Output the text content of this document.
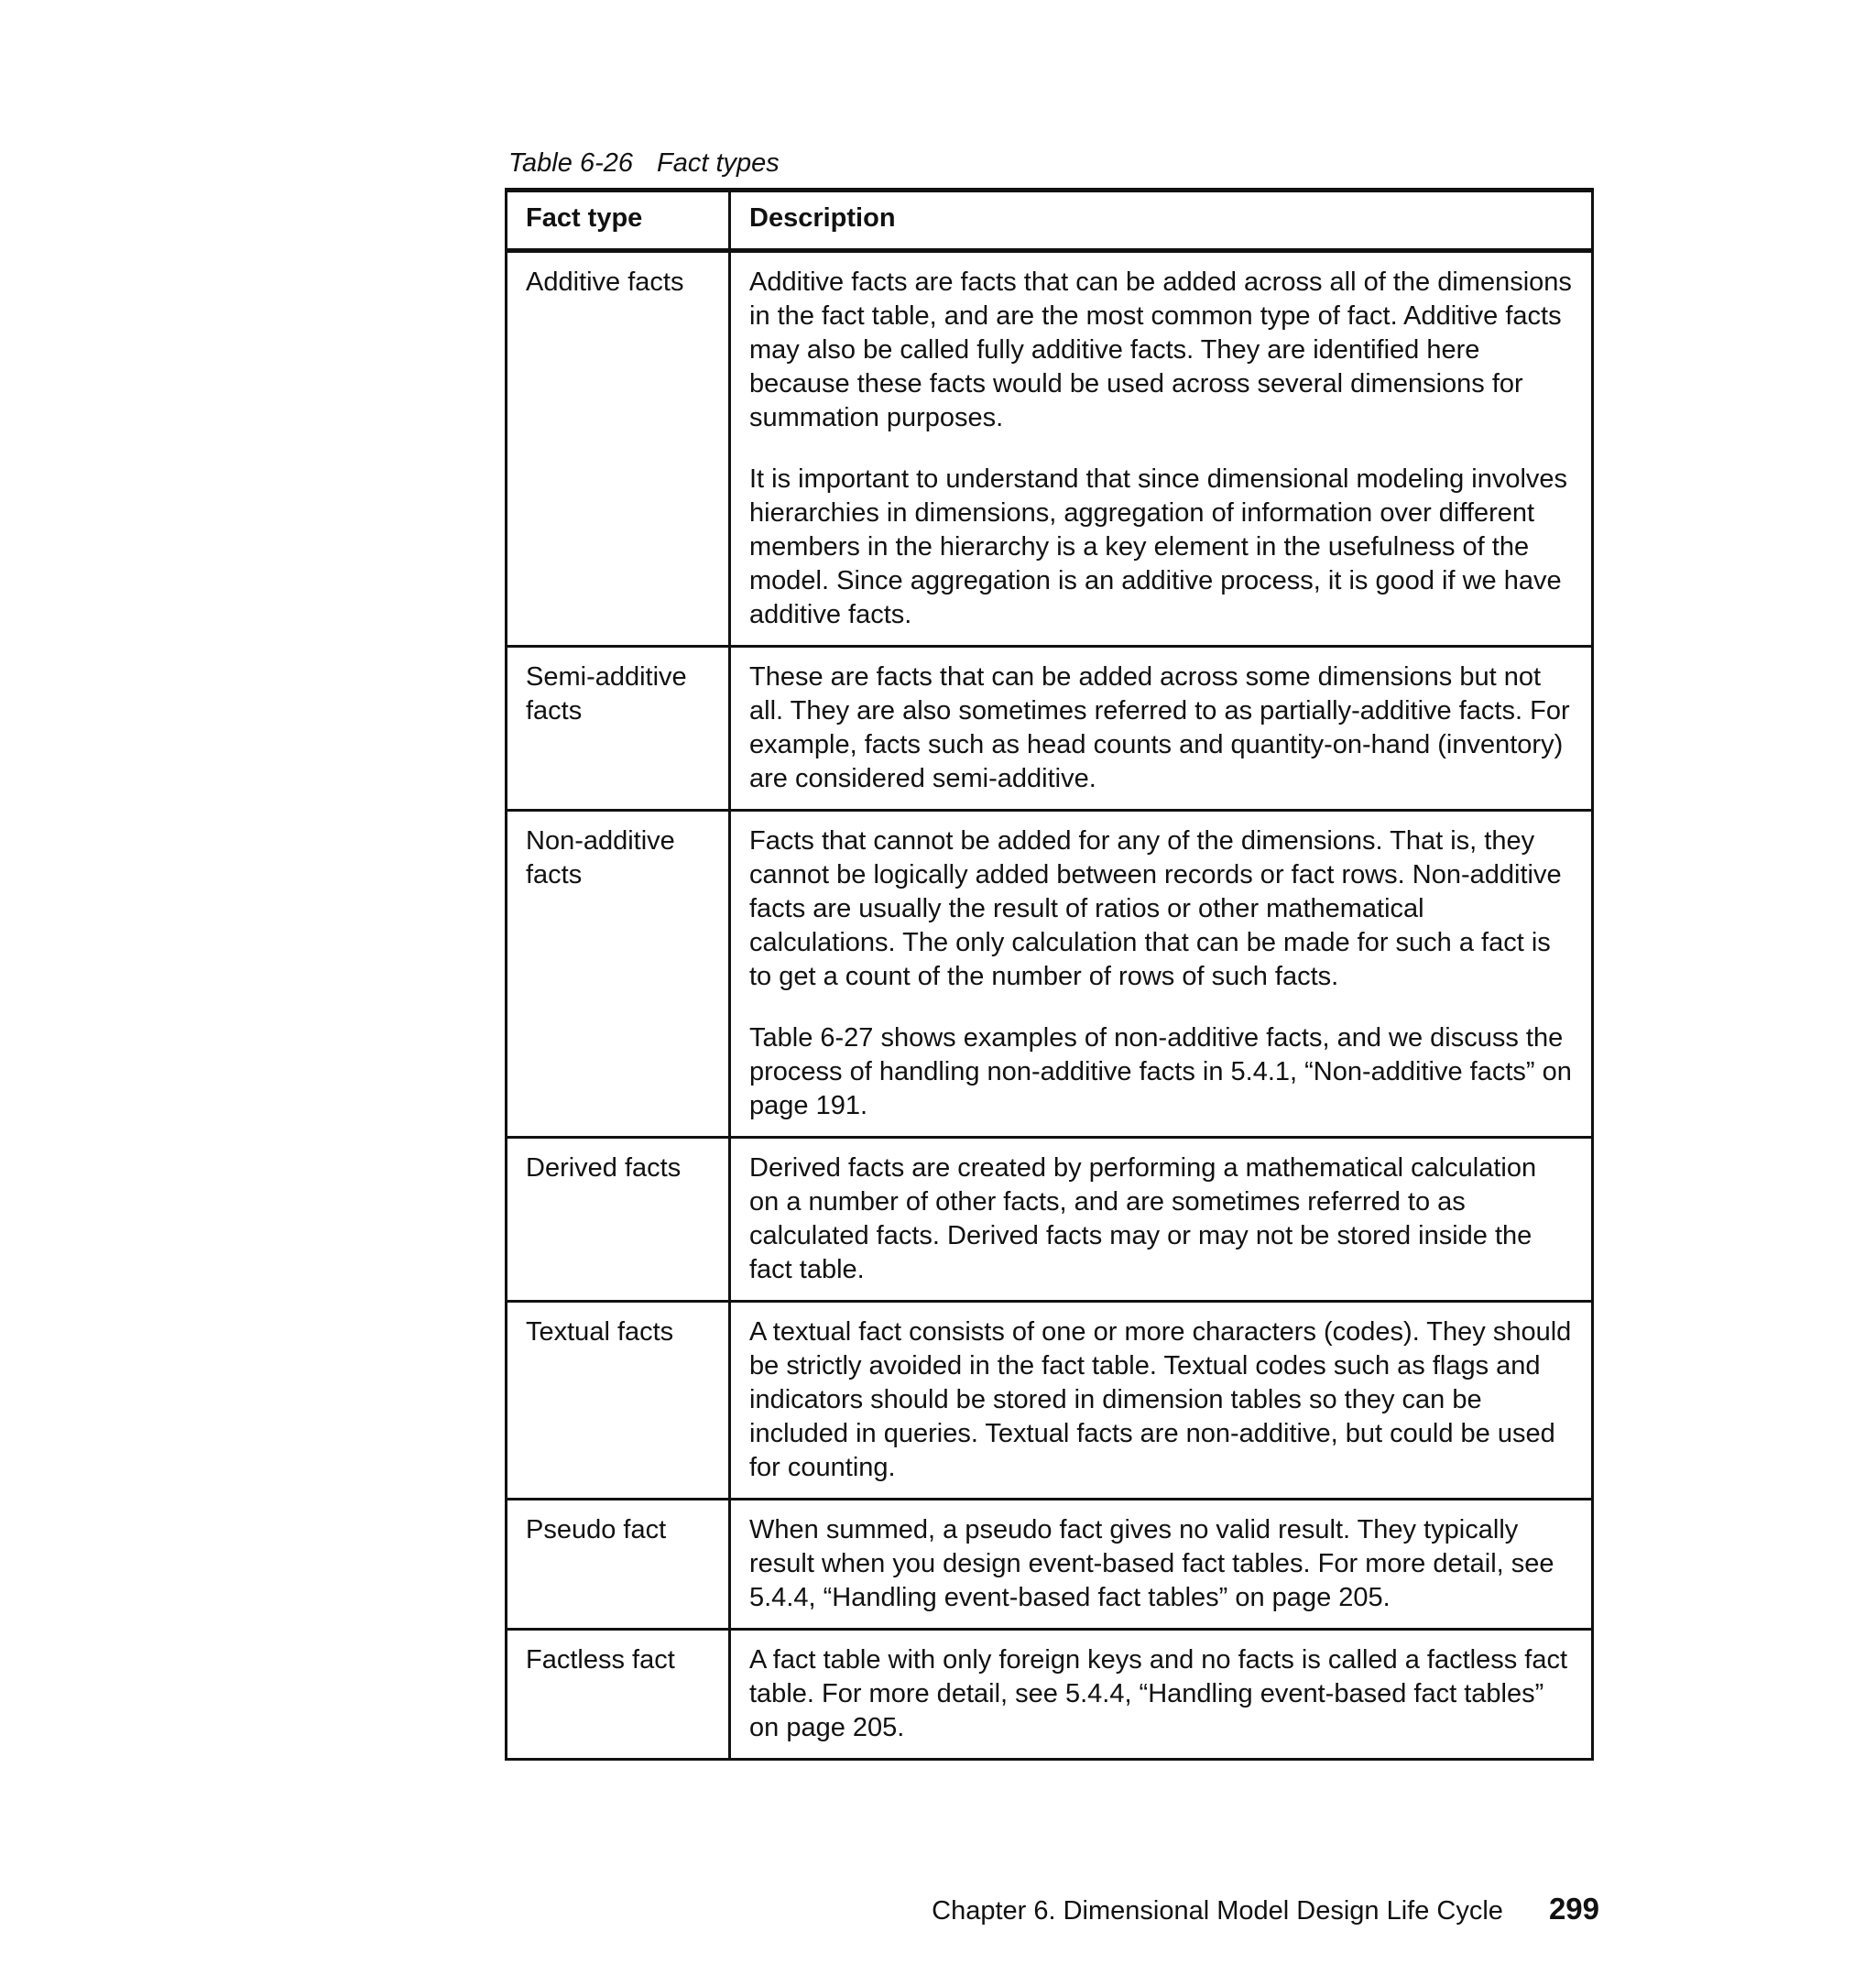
Table 6-26 Fact types
Fact type	Description
Additive facts	Additive facts are facts that can be added across all of the dimensions in the fact table, and are the most common type of fact. Additive facts may also be called fully additive facts. They are identified here because these facts would be used across several dimensions for summation purposes.

It is important to understand that since dimensional modeling involves hierarchies in dimensions, aggregation of information over different members in the hierarchy is a key element in the usefulness of the model. Since aggregation is an additive process, it is good if we have additive facts.

Semi-additive facts	These are facts that can be added across some dimensions but not all. They are also sometimes referred to as partially-additive facts. For example, facts such as head counts and quantity-on-hand (inventory) are considered semi-additive.

Non-additive facts	Facts that cannot be added for any of the dimensions. That is, they cannot be logically added between records or fact rows. Non-additive facts are usually the result of ratios or other mathematical calculations. The only calculation that can be made for such a fact is to get a count of the number of rows of such facts.

Table 6-27 shows examples of non-additive facts, and we discuss the process of handling non-additive facts in 5.4.1, “Non-additive facts” on page 191.

Derived facts	Derived facts are created by performing a mathematical calculation on a number of other facts, and are sometimes referred to as calculated facts. Derived facts may or may not be stored inside the fact table.

Textual facts	A textual fact consists of one or more characters (codes). They should be strictly avoided in the fact table. Textual codes such as flags and indicators should be stored in dimension tables so they can be included in queries. Textual facts are non-additive, but could be used for counting.

Pseudo fact	When summed, a pseudo fact gives no valid result. They typically result when you design event-based fact tables. For more detail, see 5.4.4, “Handling event-based fact tables” on page 205.

Factless fact	A fact table with only foreign keys and no facts is called a factless fact table. For more detail, see 5.4.4, “Handling event-based fact tables” on page 205.

Chapter 6. Dimensional Model Design Life Cycle 299
